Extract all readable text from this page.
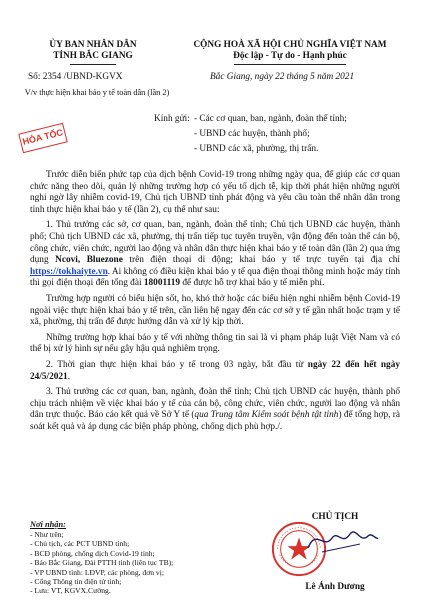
ỦY BAN NHÂN DÂN
TỈNH BẮC GIANG
CỘNG HOÀ XÃ HỘI CHỦ NGHĨA VIỆT NAM
Độc lập - Tự do - Hạnh phúc
Số: 2354 /UBND-KGVX	Bắc Giang, ngày 22 tháng 5 năm 2021
V/v thực hiện khai báo y tế toàn dân (lần 2)
HỎA TỐC
Kính gửi: - Các cơ quan, ban, ngành, đoàn thể tỉnh;
- UBND các huyện, thành phố;
- UBND các xã, phường, thị trấn.

Trước diễn biến phức tạp của dịch bệnh Covid-19 trong những ngày qua, để giúp các cơ quan chức năng theo dõi, quản lý những trường hợp có yếu tố dịch tễ, kịp thời phát hiện những người nghi ngờ lây nhiễm covid-19, Chủ tịch UBND tỉnh phát động và yêu cầu toàn thể nhân dân trong tỉnh thực hiện khai báo y tế (lần 2), cụ thể như sau:

1. Thủ trưởng các sở, cơ quan, ban, ngành, đoàn thể tỉnh; Chủ tịch UBND các huyện, thành phố; Chủ tịch UBND các xã, phường, thị trấn tiếp tục tuyên truyền, vận động đến toàn thể cán bộ, công chức, viên chức, người lao động và nhân dân thực hiện khai báo y tế toàn dân (lần 2) qua ứng dụng Ncovi, Bluezone trên điện thoại di động; khai báo y tế trực tuyến tại địa chỉ https://tokhaiyte.vn. Ai không có điều kiện khai báo y tế qua điện thoại thông minh hoặc máy tính thì gọi điện thoại đến tổng đài 18001119 để được hỗ trợ khai báo y tế miễn phí.

Trường hợp người có biểu hiện sốt, ho, khó thở hoặc các biểu hiện nghi nhiễm bệnh Covid-19 ngoài việc thực hiện khai báo y tế trên, cần liên hệ ngay đến các cơ sở y tế gần nhất hoặc trạm y tế xã, phường, thị trấn để được hướng dẫn và xử lý kịp thời.

Những trường hợp khai báo y tế với những thông tin sai là vi phạm pháp luật Việt Nam và có thể bị xử lý hình sự nếu gây hậu quả nghiêm trọng.

2. Thời gian thực hiện khai báo y tế trong 03 ngày, bắt đầu từ ngày 22 đến hết ngày 24/5/2021.

3. Thủ trưởng các cơ quan, ban, ngành, đoàn thể tỉnh; Chủ tịch UBND các huyện, thành phố chịu trách nhiệm về việc khai báo y tế của cán bộ, công chức, viên chức, người lao động và nhân dân trực thuộc. Báo cáo kết quả về Sở Y tế (qua Trung tâm Kiểm soát bệnh tật tỉnh) để tổng hợp, rà soát kết quả và áp dụng các biện pháp phòng, chống dịch phù hợp./.

Nơi nhận:
- Như trên;
- Chủ tịch, các PCT UBND tỉnh;
- BCĐ phòng, chống dịch Covid-19 tỉnh;
- Báo Bắc Giang, Đài PTTH tỉnh (liên tục TB);
- VP UBND tỉnh: LĐVP, các phòng, đơn vị;
- Cổng Thông tin điện tử tỉnh;
- Lưu: VT, KGVX.Cường.
CHỦ TỊCH
Lê Ánh Dương
